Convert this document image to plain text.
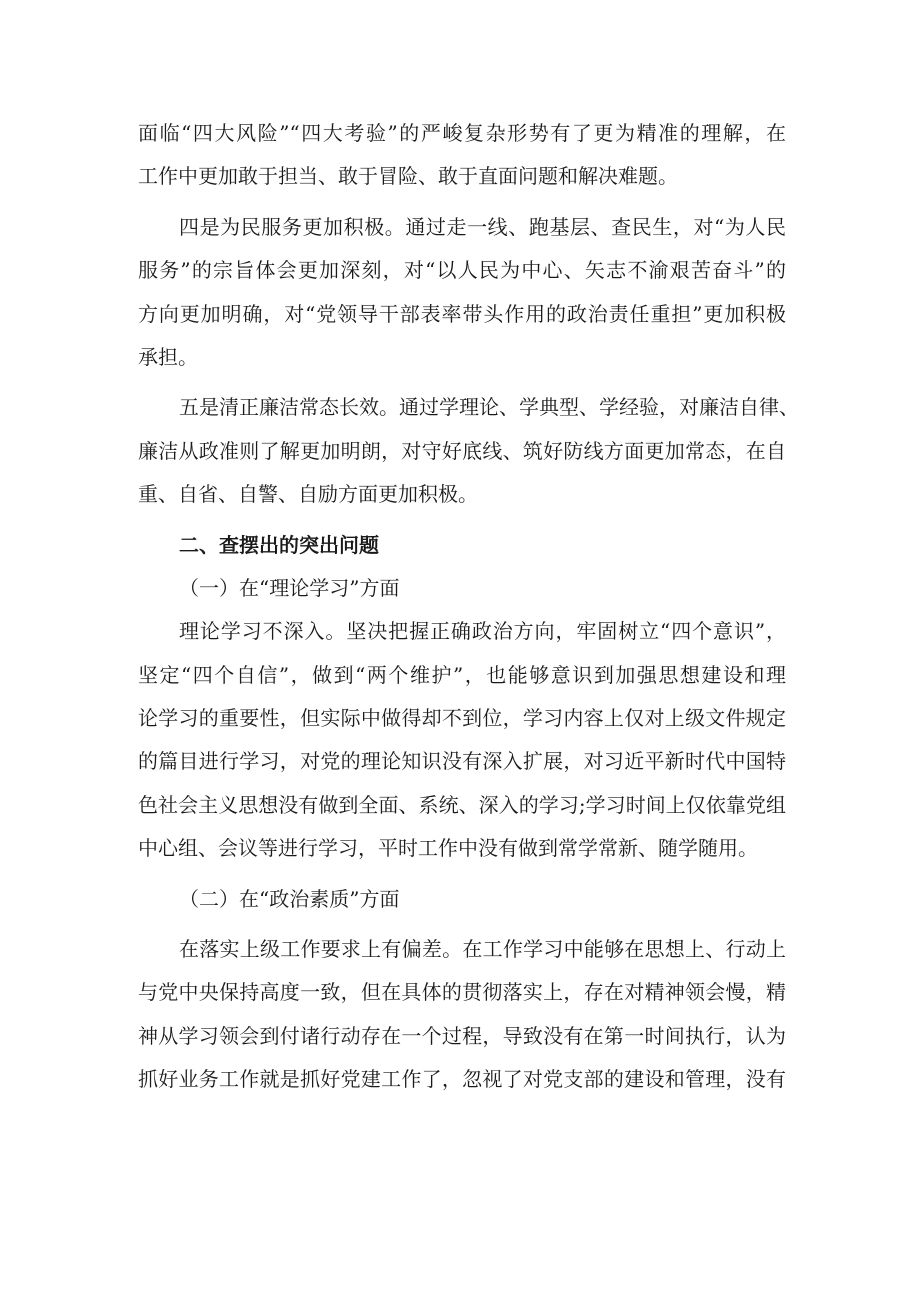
面临“四大风险”“四大考验”的严峻复杂形势有了更为精准的理解，在
工作中更加敢于担当、敢于冒险、敢于直面问题和解决难题。
四是为民服务更加积极。通过走一线、跑基层、查民生，对“为人民
服务”的宗旨体会更加深刻，对“以人民为中心、矢志不渝艰苦奋斗”的
方向更加明确，对“党领导干部表率带头作用的政治责任重担”更加积极
承担。
五是清正廉洁常态长效。通过学理论、学典型、学经验，对廉洁自律、
廉洁从政准则了解更加明朗，对守好底线、筑好防线方面更加常态，在自
重、自省、自警、自励方面更加积极。
二、查摆出的突出问题
（一）在“理论学习”方面
理论学习不深入。坚决把握正确政治方向，牢固树立“四个意识”，
坚定“四个自信”，做到“两个维护”，也能够意识到加强思想建设和理
论学习的重要性，但实际中做得却不到位，学习内容上仅对上级文件规定
的篇目进行学习，对党的理论知识没有深入扩展，对习近平新时代中国特
色社会主义思想没有做到全面、系统、深入的学习;学习时间上仅依靠党组
中心组、会议等进行学习，平时工作中没有做到常学常新、随学随用。
（二）在“政治素质”方面
在落实上级工作要求上有偏差。在工作学习中能够在思想上、行动上
与党中央保持高度一致，但在具体的贯彻落实上，存在对精神领会慢，精
神从学习领会到付诸行动存在一个过程，导致没有在第一时间执行，认为
抓好业务工作就是抓好党建工作了，忽视了对党支部的建设和管理，没有
